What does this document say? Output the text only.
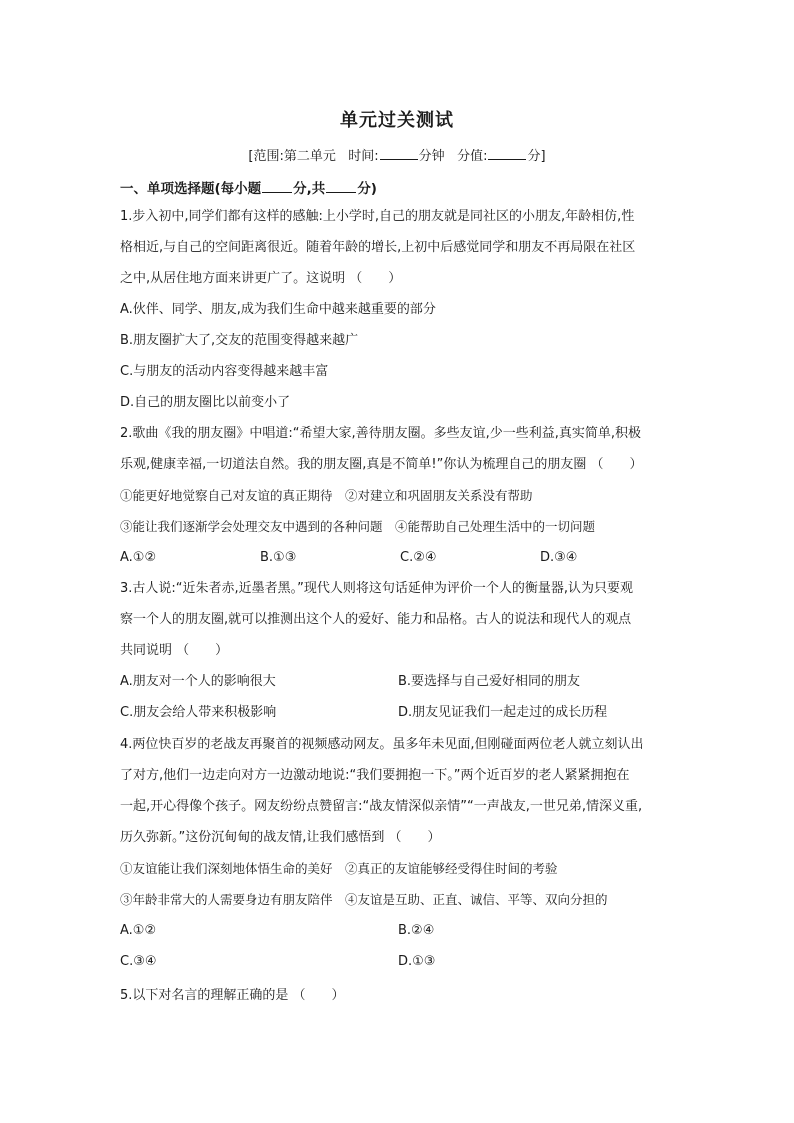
单元过关测试
[范围:第二单元 时间:	分钟 分值:	分]
一、单项选择题(每小题 分,共 分)
1.步入初中,同学们都有这样的感触:上小学时,自己的朋友就是同社区的小朋友,年龄相仿,性
格相近,与自己的空间距离很近。随着年龄的增长,上初中后感觉同学和朋友不再局限在社区
之中,从居住地方面来讲更广了。这说明 （　　）
A.伙伴、同学、朋友,成为我们生命中越来越重要的部分
B.朋友圈扩大了,交友的范围变得越来越广
C.与朋友的活动内容变得越来越丰富
D.自己的朋友圈比以前变小了
2.歌曲《我的朋友圈》中唱道:“希望大家,善待朋友圈。多些友谊,少一些利益,真实简单,积极
乐观,健康幸福,一切道法自然。我的朋友圈,真是不简单!”你认为梳理自己的朋友圈 （　　）
①能更好地觉察自己对友谊的真正期待　②对建立和巩固朋友关系没有帮助
③能让我们逐渐学会处理交友中遇到的各种问题　④能帮助自己处理生活中的一切问题
A.①②	B.①③	C.②④	D.③④
3.古人说:“近朱者赤,近墨者黑。”现代人则将这句话延伸为评价一个人的衡量器,认为只要观
察一个人的朋友圈,就可以推测出这个人的爱好、能力和品格。古人的说法和现代人的观点
共同说明 （　　）
A.朋友对一个人的影响很大	B.要选择与自己爱好相同的朋友
C.朋友会给人带来积极影响	D.朋友见证我们一起走过的成长历程
4.两位快百岁的老战友再聚首的视频感动网友。虽多年未见面,但刚碰面两位老人就立刻认出
了对方,他们一边走向对方一边激动地说:“我们要拥抱一下。”两个近百岁的老人紧紧拥抱在
一起,开心得像个孩子。网友纷纷点赞留言:“战友情深似亲情”“一声战友,一世兄弟,情深义重,
历久弥新。”这份沉甸甸的战友情,让我们感悟到 （　　）
①友谊能让我们深刻地体悟生命的美好　②真正的友谊能够经受得住时间的考验
③年龄非常大的人需要身边有朋友陪伴　④友谊是互助、正直、诚信、平等、双向分担的
A.①②	B.②④
C.③④	D.①③
5.以下对名言的理解正确的是 （　　）
